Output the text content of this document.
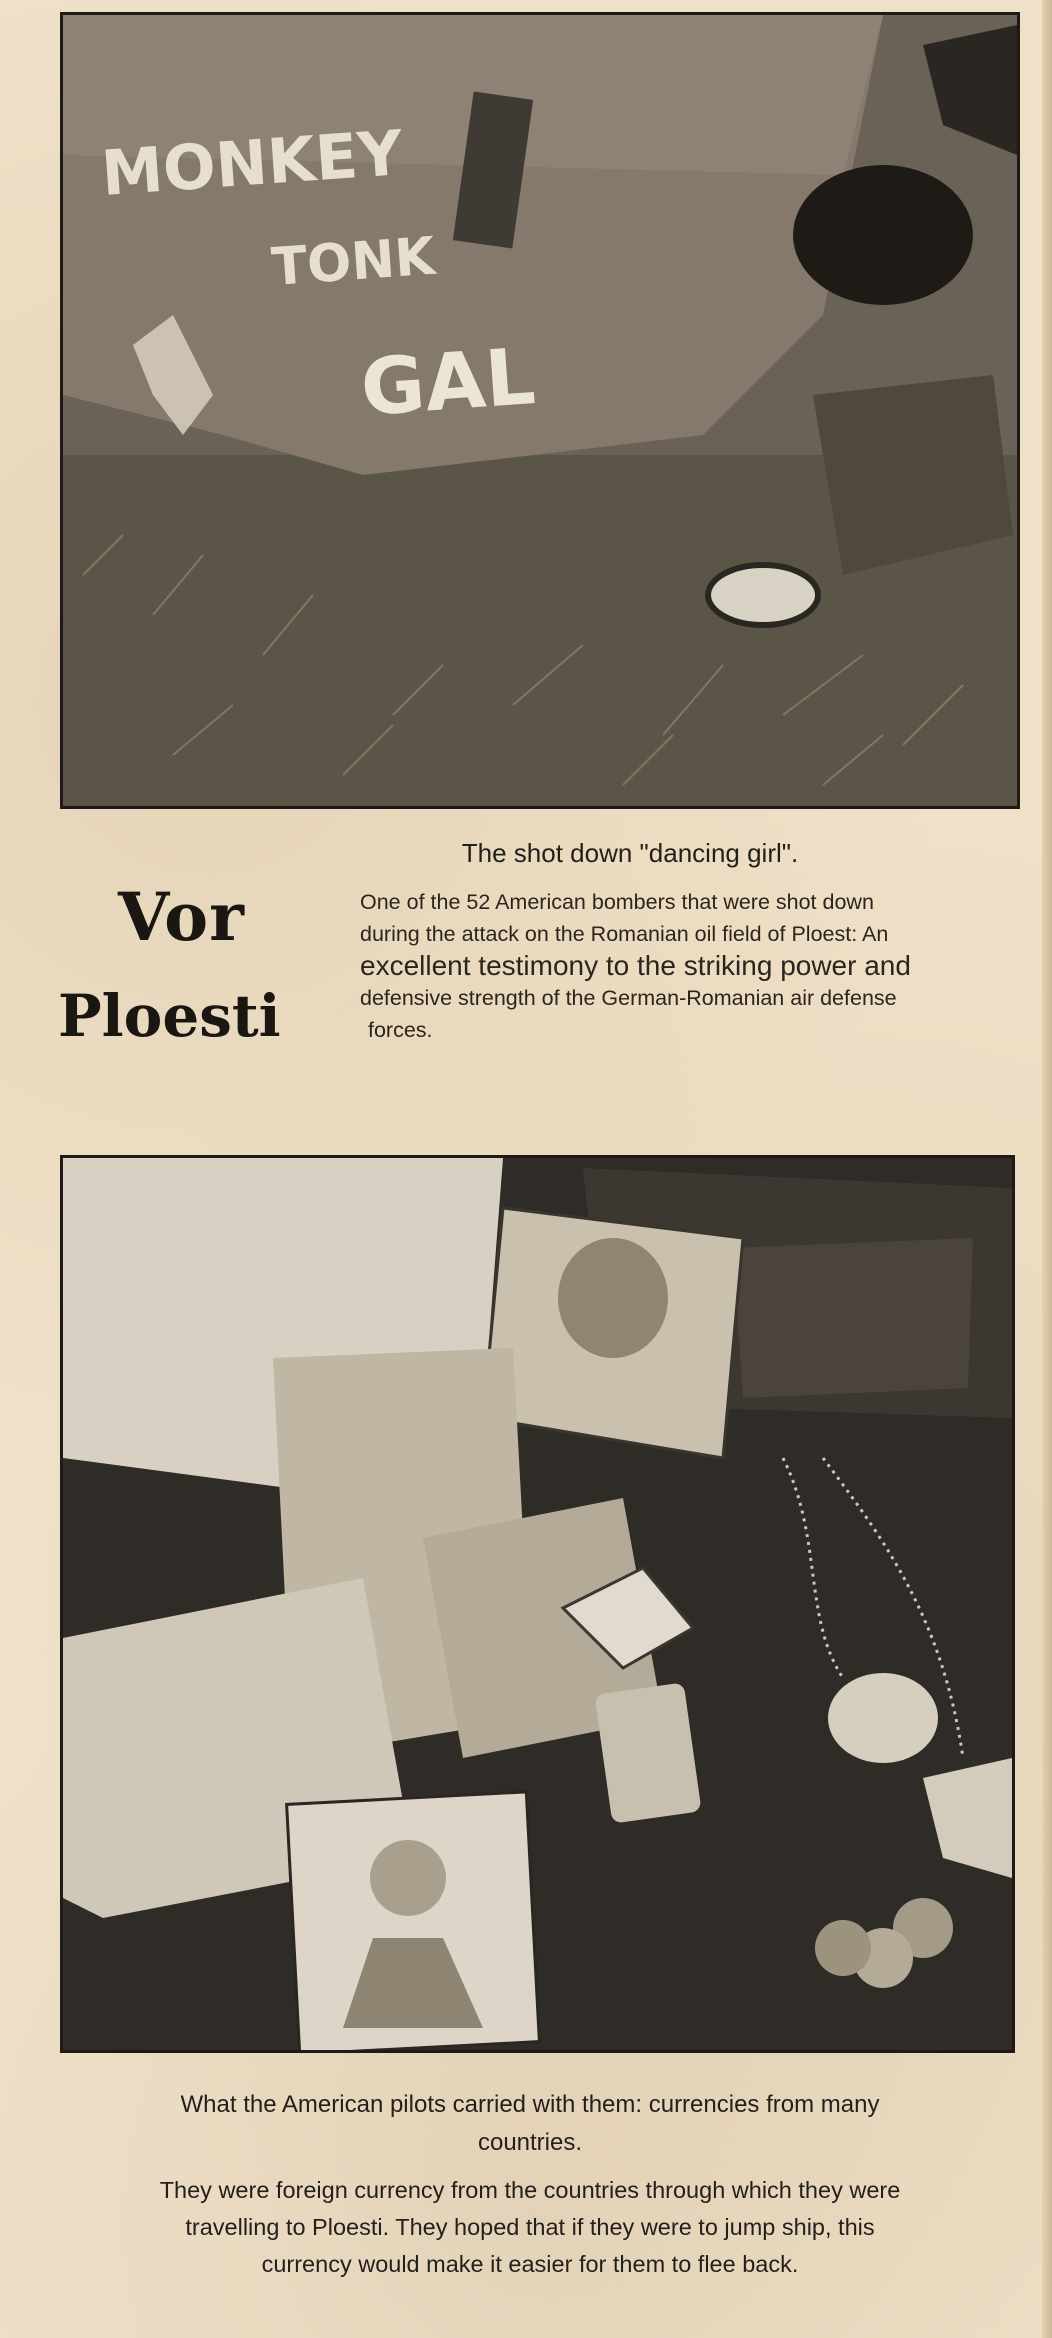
MONKEY
TONK
GAL
Vor
Ploesti
The shot down "dancing girl".
One of the 52 American bombers that were shot down
during the attack on the Romanian oil field of Ploest: An
excellent testimony to the striking power and
defensive strength of the German-Romanian air defense
forces.
What the American pilots carried with them: currencies from many
countries.
They were foreign currency from the countries through which they were
travelling to Ploesti. They hoped that if they were to jump ship, this
currency would make it easier for them to flee back.
